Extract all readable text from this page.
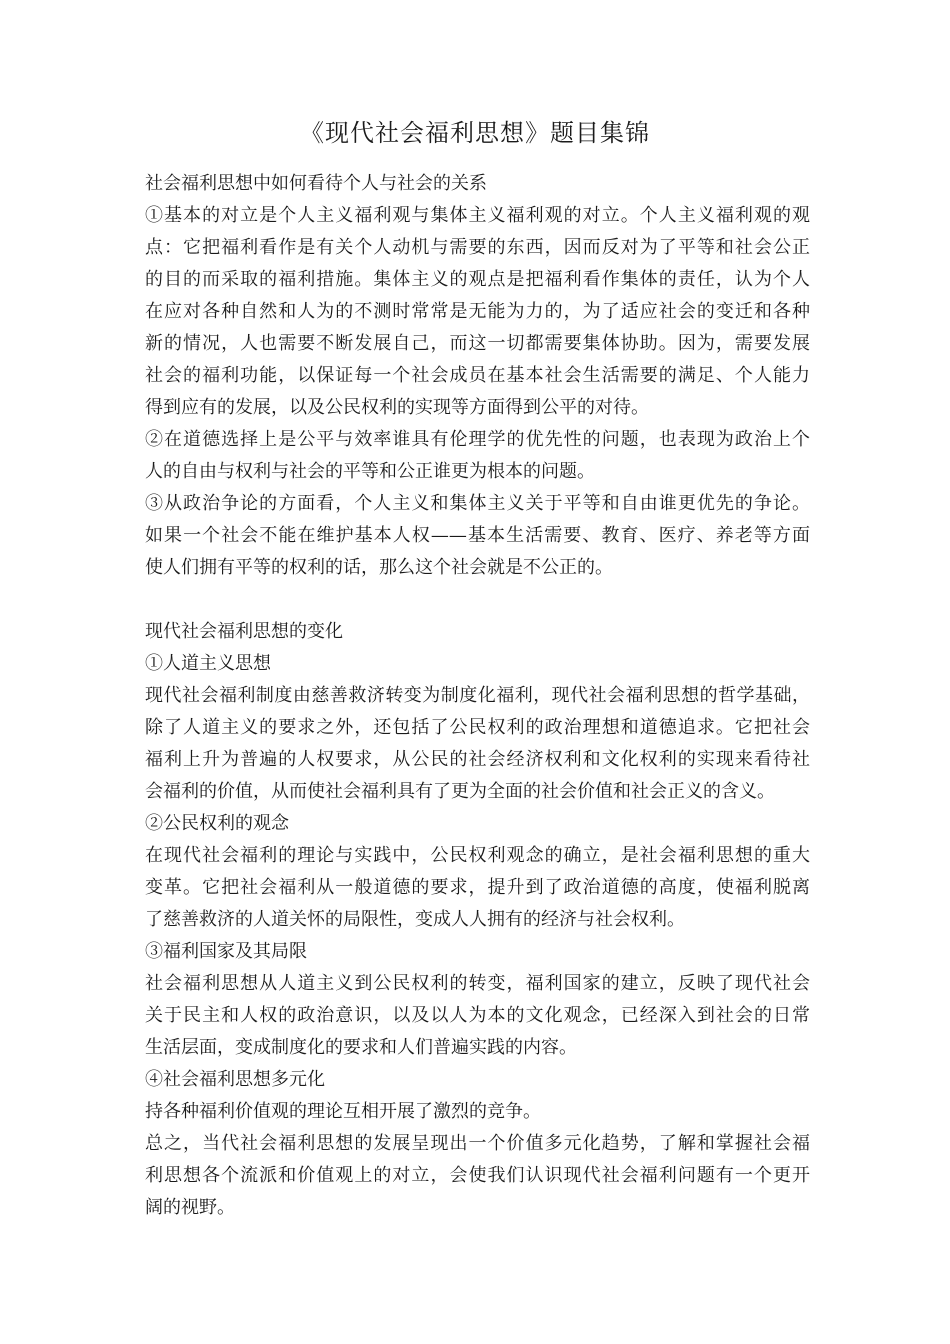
《现代社会福利思想》题目集锦

社会福利思想中如何看待个人与社会的关系

①基本的对立是个人主义福利观与集体主义福利观的对立。个人主义福利观的观

点：它把福利看作是有关个人动机与需要的东西，因而反对为了平等和社会公正

的目的而采取的福利措施。集体主义的观点是把福利看作集体的责任，认为个人

在应对各种自然和人为的不测时常常是无能为力的，为了适应社会的变迁和各种

新的情况，人也需要不断发展自己，而这一切都需要集体协助。因为，需要发展

社会的福利功能，以保证每一个社会成员在基本社会生活需要的满足、个人能力

得到应有的发展，以及公民权利的实现等方面得到公平的对待。

②在道德选择上是公平与效率谁具有伦理学的优先性的问题，也表现为政治上个

人的自由与权利与社会的平等和公正谁更为根本的问题。

③从政治争论的方面看，个人主义和集体主义关于平等和自由谁更优先的争论。

如果一个社会不能在维护基本人权——基本生活需要、教育、医疗、养老等方面

使人们拥有平等的权利的话，那么这个社会就是不公正的。

现代社会福利思想的变化

①人道主义思想

现代社会福利制度由慈善救济转变为制度化福利，现代社会福利思想的哲学基础，

除了人道主义的要求之外，还包括了公民权利的政治理想和道德追求。它把社会

福利上升为普遍的人权要求，从公民的社会经济权利和文化权利的实现来看待社

会福利的价值，从而使社会福利具有了更为全面的社会价值和社会正义的含义。

②公民权利的观念

在现代社会福利的理论与实践中，公民权利观念的确立，是社会福利思想的重大

变革。它把社会福利从一般道德的要求，提升到了政治道德的高度，使福利脱离

了慈善救济的人道关怀的局限性，变成人人拥有的经济与社会权利。

③福利国家及其局限

社会福利思想从人道主义到公民权利的转变，福利国家的建立，反映了现代社会

关于民主和人权的政治意识，以及以人为本的文化观念，已经深入到社会的日常

生活层面，变成制度化的要求和人们普遍实践的内容。

④社会福利思想多元化

持各种福利价值观的理论互相开展了激烈的竞争。

总之，当代社会福利思想的发展呈现出一个价值多元化趋势，了解和掌握社会福

利思想各个流派和价值观上的对立，会使我们认识现代社会福利问题有一个更开

阔的视野。
